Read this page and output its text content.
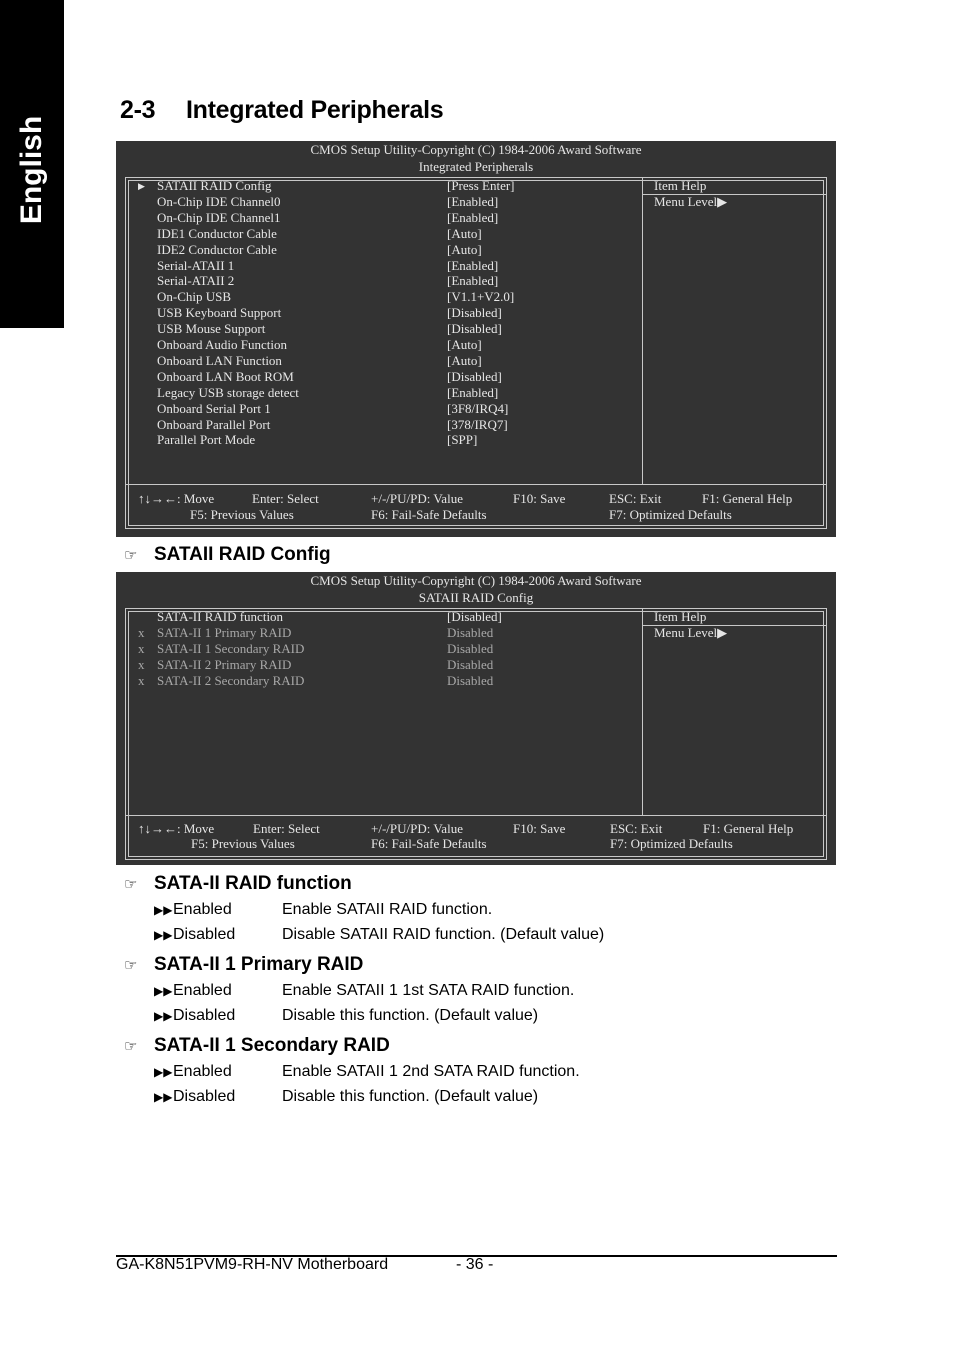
English
2-3 Integrated Peripherals
CMOS Setup Utility-Copyright (C) 1984-2006 Award Software
Integrated Peripherals
▶ SATAII RAID Config	[Press Enter]
On-Chip IDE Channel0	[Enabled]
On-Chip IDE Channel1	[Enabled]
IDE1 Conductor Cable	[Auto]
IDE2 Conductor Cable	[Auto]
Serial-ATAII 1	[Enabled]
Serial-ATAII 2	[Enabled]
On-Chip USB	[V1.1+V2.0]
USB Keyboard Support	[Disabled]
USB Mouse Support	[Disabled]
Onboard Audio Function	[Auto]
Onboard LAN Function	[Auto]
Onboard LAN Boot ROM	[Disabled]
Legacy USB storage detect	[Enabled]
Onboard Serial Port 1	[3F8/IRQ4]
Onboard Parallel Port	[378/IRQ7]
Parallel Port Mode	[SPP]
Item Help
Menu Level▶
↑↓→←: Move	Enter: Select	+/-/PU/PD: Value	F10: Save	ESC: Exit	F1: General Help
F5: Previous Values	F6: Fail-Safe Defaults	F7: Optimized Defaults
☞ SATAII RAID Config
CMOS Setup Utility-Copyright (C) 1984-2006 Award Software
SATAII RAID Config
SATA-II RAID function	[Disabled]
x SATA-II 1 Primary RAID	Disabled
x SATA-II 1 Secondary RAID	Disabled
x SATA-II 2 Primary RAID	Disabled
x SATA-II 2 Secondary RAID	Disabled
Item Help
Menu Level▶
↑↓→←: Move	Enter: Select	+/-/PU/PD: Value	F10: Save	ESC: Exit	F1: General Help
F5: Previous Values	F6: Fail-Safe Defaults	F7: Optimized Defaults
☞ SATA-II RAID function
▶▶Enabled	Enable SATAII RAID function.
▶▶Disabled	Disable SATAII RAID function. (Default value)
☞ SATA-II 1 Primary RAID
▶▶Enabled	Enable SATAII 1 1st SATA RAID function.
▶▶Disabled	Disable this function. (Default value)
☞ SATA-II 1 Secondary RAID
▶▶Enabled	Enable SATAII 1 2nd SATA RAID function.
▶▶Disabled	Disable this function. (Default value)
GA-K8N51PVM9-RH-NV Motherboard	- 36 -
